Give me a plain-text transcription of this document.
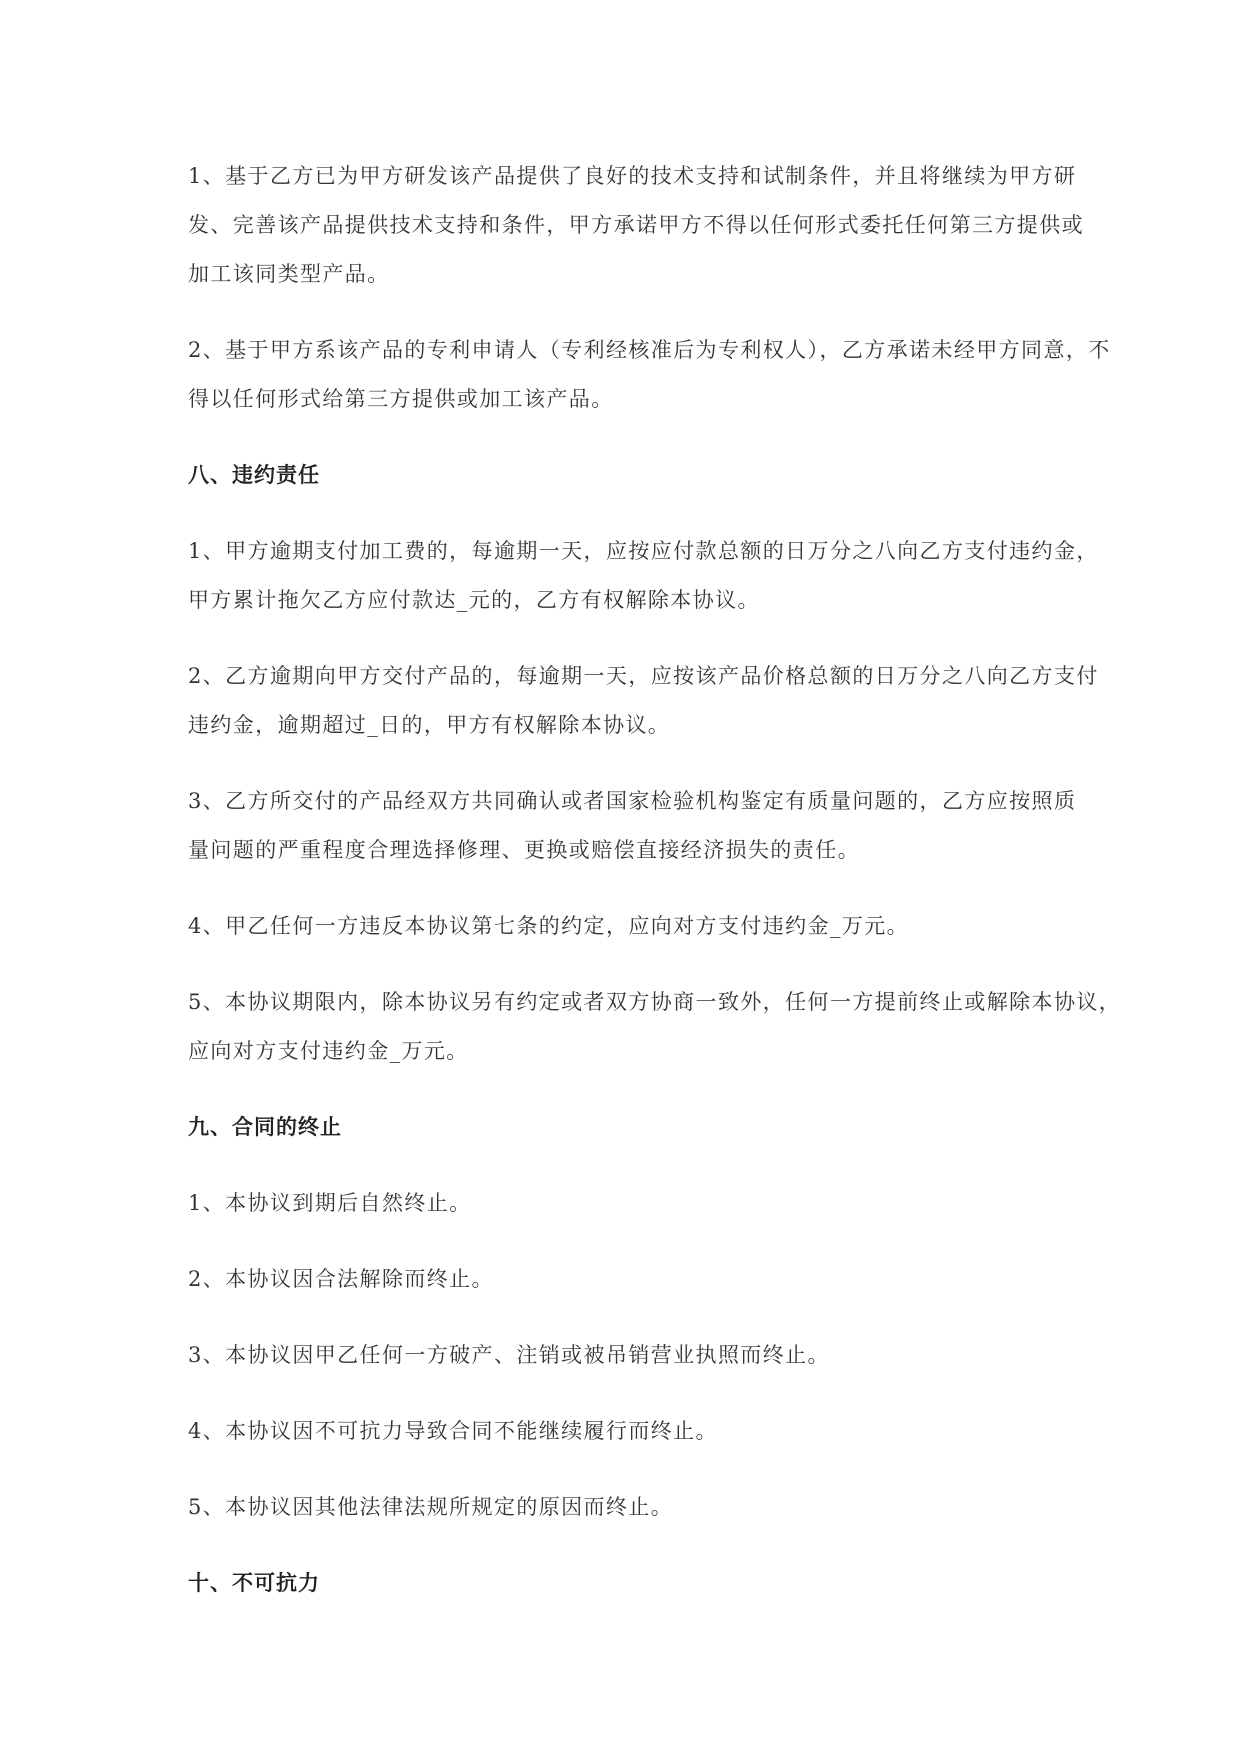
1、基于乙方已为甲方研发该产品提供了良好的技术支持和试制条件，并且将继续为甲方研
发、完善该产品提供技术支持和条件，甲方承诺甲方不得以任何形式委托任何第三方提供或
加工该同类型产品。
2、基于甲方系该产品的专利申请人（专利经核准后为专利权人），乙方承诺未经甲方同意，不
得以任何形式给第三方提供或加工该产品。
八、违约责任
1、甲方逾期支付加工费的，每逾期一天，应按应付款总额的日万分之八向乙方支付违约金，
甲方累计拖欠乙方应付款达_元的，乙方有权解除本协议。
2、乙方逾期向甲方交付产品的，每逾期一天，应按该产品价格总额的日万分之八向乙方支付
违约金，逾期超过_日的，甲方有权解除本协议。
3、乙方所交付的产品经双方共同确认或者国家检验机构鉴定有质量问题的，乙方应按照质
量问题的严重程度合理选择修理、更换或赔偿直接经济损失的责任。
4、甲乙任何一方违反本协议第七条的约定，应向对方支付违约金_万元。
5、本协议期限内，除本协议另有约定或者双方协商一致外，任何一方提前终止或解除本协议，
应向对方支付违约金_万元。
九、合同的终止
1、本协议到期后自然终止。
2、本协议因合法解除而终止。
3、本协议因甲乙任何一方破产、注销或被吊销营业执照而终止。
4、本协议因不可抗力导致合同不能继续履行而终止。
5、本协议因其他法律法规所规定的原因而终止。
十、不可抗力
